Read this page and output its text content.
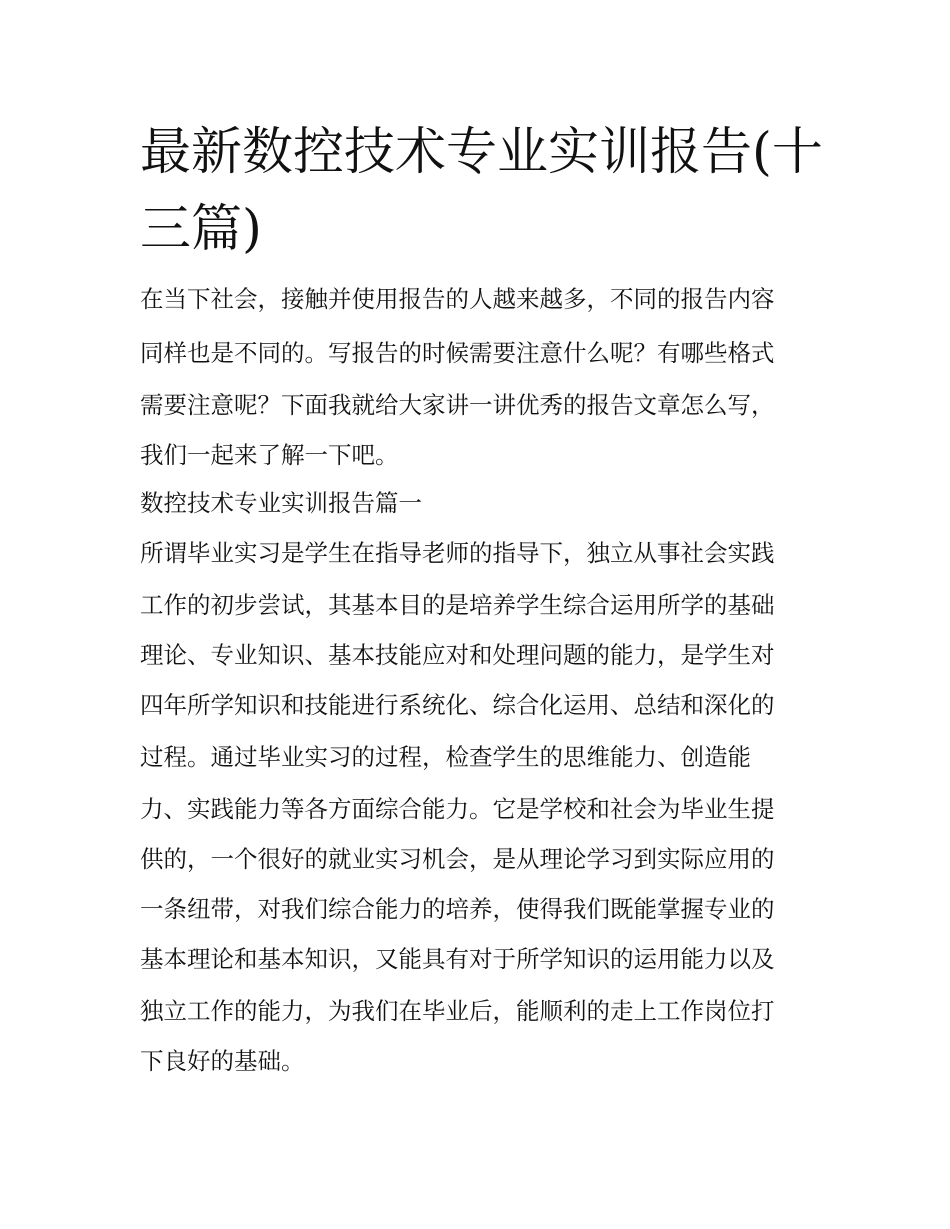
最新数控技术专业实训报告(十
三篇)

在当下社会，接触并使用报告的人越来越多，不同的报告内容

同样也是不同的。写报告的时候需要注意什么呢？有哪些格式

需要注意呢？下面我就给大家讲一讲优秀的报告文章怎么写，

我们一起来了解一下吧。

数控技术专业实训报告篇一

所谓毕业实习是学生在指导老师的指导下，独立从事社会实践

工作的初步尝试，其基本目的是培养学生综合运用所学的基础

理论、专业知识、基本技能应对和处理问题的能力，是学生对

四年所学知识和技能进行系统化、综合化运用、总结和深化的

过程。通过毕业实习的过程，检查学生的思维能力、创造能

力、实践能力等各方面综合能力。它是学校和社会为毕业生提

供的，一个很好的就业实习机会，是从理论学习到实际应用的

一条纽带，对我们综合能力的培养，使得我们既能掌握专业的

基本理论和基本知识，又能具有对于所学知识的运用能力以及

独立工作的能力，为我们在毕业后，能顺利的走上工作岗位打

下良好的基础。
